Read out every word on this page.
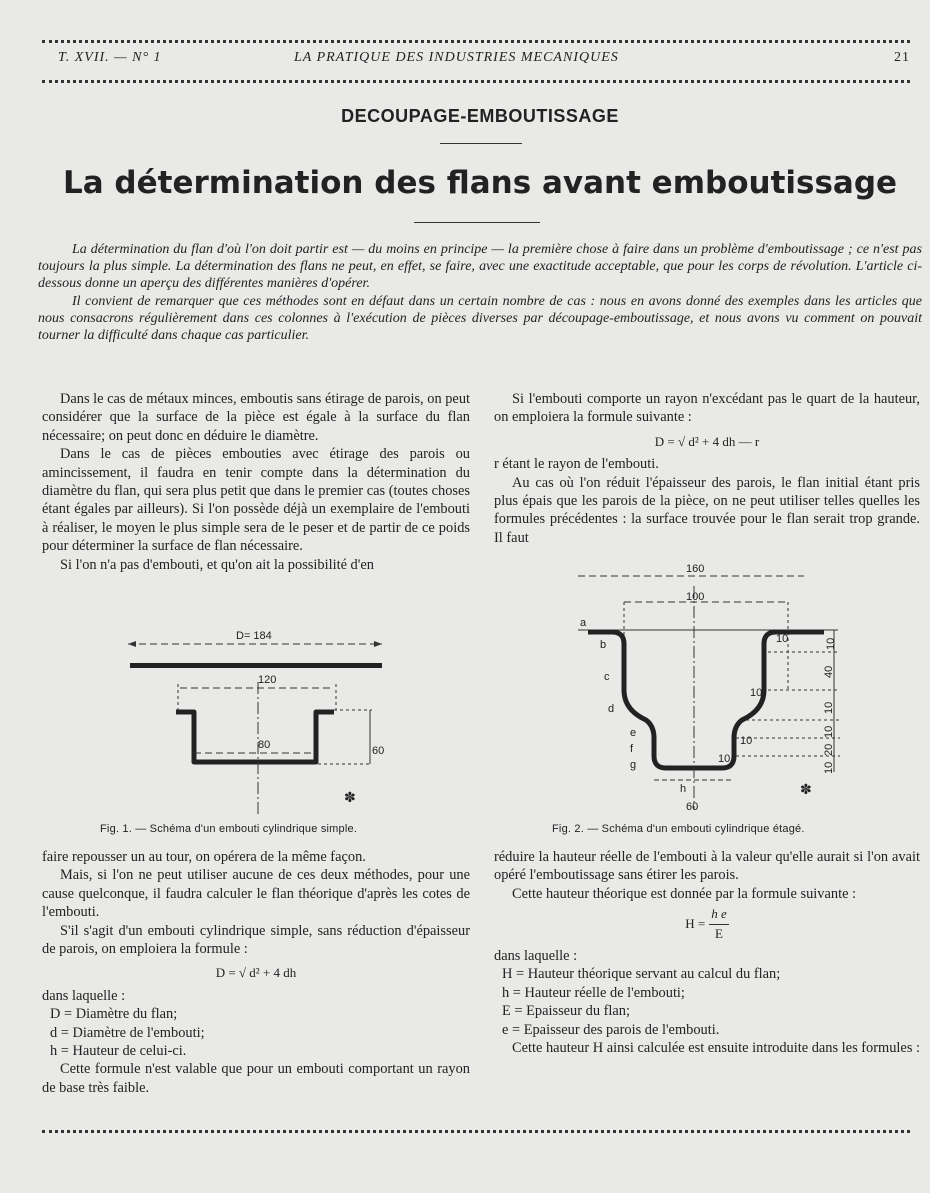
T. XVII. — N° 1	LA PRATIQUE DES INDUSTRIES MECANIQUES	21
DECOUPAGE-EMBOUTISSAGE
La détermination des flans avant emboutissage

La détermination du flan d'où l'on doit partir est — du moins en principe — la première chose à faire dans un problème d'emboutissage ; ce n'est pas toujours la plus simple. La détermination des flans ne peut, en effet, se faire, avec une exactitude acceptable, que pour les corps de révolution. L'article ci-dessous donne un aperçu des différentes manières d'opérer.

Il convient de remarquer que ces méthodes sont en défaut dans un certain nombre de cas : nous en avons donné des exemples dans les articles que nous consacrons régulièrement dans ces colonnes à l'exécution de pièces diverses par découpage-emboutissage, et nous avons vu comment on pouvait tourner la difficulté dans chaque cas particulier.

Dans le cas de métaux minces, emboutis sans étirage de parois, on peut considérer que la surface de la pièce est égale à la surface du flan nécessaire; on peut donc en déduire le diamètre.

Dans le cas de pièces embouties avec étirage des parois ou amincissement, il faudra en tenir compte dans la détermination du diamètre du flan, qui sera plus petit que dans le premier cas (toutes choses étant égales par ailleurs). Si l'on possède déjà un exemplaire de l'embouti à réaliser, le moyen le plus simple sera de le peser et de partir de ce poids pour déterminer la surface de flan nécessaire.

Si l'on n'a pas d'embouti, et qu'on ait la possibilité d'en

Si l'embouti comporte un rayon n'excédant pas le quart de la hauteur, on emploiera la formule suivante :

D = √ d² + 4 dh — r

r étant le rayon de l'embouti.

Au cas où l'on réduit l'épaisseur des parois, le flan initial étant pris plus épais que les parois de la pièce, on ne peut utiliser telles quelles les formules précédentes : la surface trouvée pour le flan serait trop grande. Il faut

D= 184
120
80	60
✽
Fig. 1. — Schéma d'un embouti cylindrique simple.
160
100
a
60
b
c
d
e
f
g
h
10
10
10
10
10
40
10
10
20
10
✽
Fig. 2. — Schéma d'un embouti cylindrique étagé.

faire repousser un au tour, on opérera de la même façon.

Mais, si l'on ne peut utiliser aucune de ces deux méthodes, pour une cause quelconque, il faudra calculer le flan théorique d'après les cotes de l'embouti.

S'il s'agit d'un embouti cylindrique simple, sans réduction d'épaisseur de parois, on emploiera la formule :

D = √ d² + 4 dh

dans laquelle :

D = Diamètre du flan;
d = Diamètre de l'embouti;
h = Hauteur de celui-ci.

Cette formule n'est valable que pour un embouti comportant un rayon de base très faible.

réduire la hauteur réelle de l'embouti à la valeur qu'elle aurait si l'on avait opéré l'emboutissage sans étirer les parois.

Cette hauteur théorique est donnée par la formule suivante :

$H = \frac{\text{h e}}{E}$

dans laquelle :

H = Hauteur théorique servant au calcul du flan;
h = Hauteur réelle de l'embouti;
E = Epaisseur du flan;
e = Epaisseur des parois de l'embouti.

Cette hauteur H ainsi calculée est ensuite introduite dans les formules :
